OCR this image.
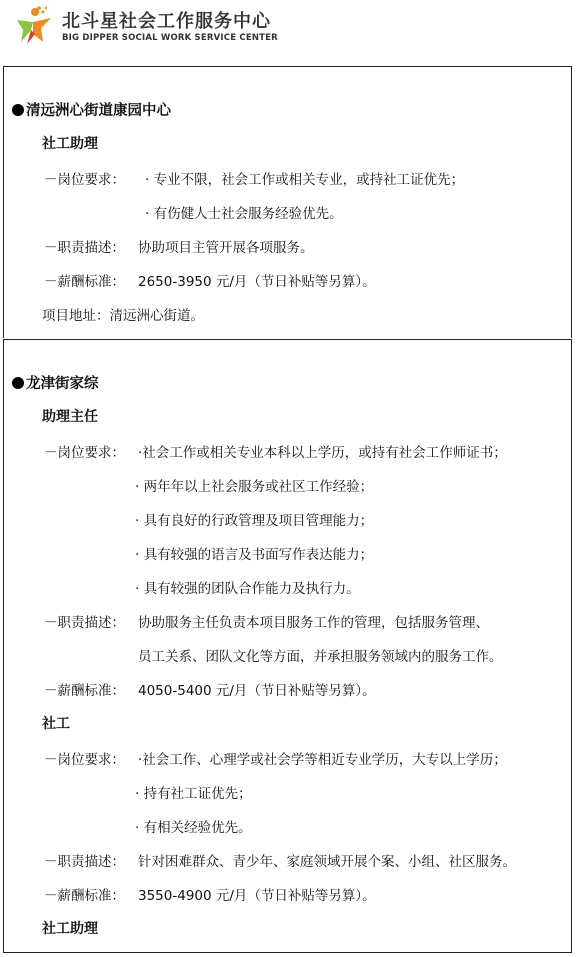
北斗星社会工作服务中心
BIG DIPPER SOCIAL WORK SERVICE CENTER
清远洲心街道康园中心
社工助理
－岗位要求： · 专业不限，社会工作或相关专业，或持社工证优先；
· 有伤健人士社会服务经验优先。
－职责描述： 协助项目主管开展各项服务。
－薪酬标准： 2650-3950 元/月（节日补贴等另算）。
项目地址：清远洲心街道。
龙津街家综
助理主任
－岗位要求： ·社会工作或相关专业本科以上学历，或持有社会工作师证书；
· 两年年以上社会服务或社区工作经验；
· 具有良好的行政管理及项目管理能力；
· 具有较强的语言及书面写作表达能力；
· 具有较强的团队合作能力及执行力。
－职责描述： 协助服务主任负责本项目服务工作的管理，包括服务管理、
员工关系、团队文化等方面，并承担服务领域内的服务工作。
－薪酬标准： 4050-5400 元/月（节日补贴等另算）。
社工
－岗位要求： ·社会工作、心理学或社会学等相近专业学历，大专以上学历；
· 持有社工证优先；
· 有相关经验优先。
－职责描述： 针对困难群众、青少年、家庭领域开展个案、小组、社区服务。
－薪酬标准： 3550-4900 元/月（节日补贴等另算）。
社工助理
